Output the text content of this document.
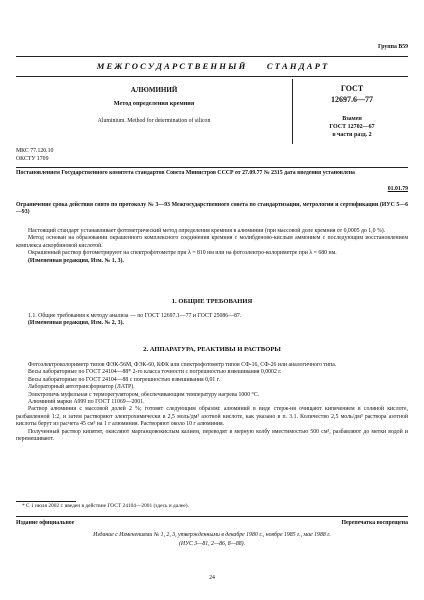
Группа B59
М Е Ж Г О С У Д А Р С Т В Е Н Н Ы Й          С Т А Н Д А Р Т
АЛЮМИНИЙ
Метод определения кремния
Aluminium. Method for determination of silicon
ГОСТ
12697.6—77
Взамен
ГОСТ 12702—67
в части разд. 2
МКС 77.120.10
ОКСТУ 1709
Постановлением Государственного комитета стандартов Совета Министров СССР от 27.09.77 № 2315 дата введения установлена
01.01.79
Ограничение срока действия снято по протоколу № 3—93 Межгосударственного совета по стандартизации, метрологии и сертификации (ИУС 5—6—93)

Настоящий стандарт устанавливает фотометрический метод определения кремния в алюминии (при массовой доле кремния от 0,0005 до 1,0 %).

Метод основан на образовании окрашенного комплексного соединения кремния с молибденово-кислым аммонием с последующим восстановлением комплекса аскорбиновой кислотой.

Окрашенный раствор фотометрируют на спектрофотометре при λ = 810 нм или на фотоэлектро-колориметре при λ = 680 нм.

(Измененная редакция, Изм. № 1, 3).

1. ОБЩИЕ ТРЕБОВАНИЯ

1.1. Общие требования к методу анализа — по ГОСТ 12697.1—77 и ГОСТ 25086—87.

(Измененная редакция, Изм. № 2, 3).

2. АППАРАТУРА, РЕАКТИВЫ И РАСТВОРЫ

Фотоэлектроколориметр типов ФЭК-56М, ФЭК-60, КФК или спектрофотометр типов СФ-16, СФ-26 или аналогичного типа.

Весы лабораторные по ГОСТ 24104—88* 2-го класса точности с погрешностью взвешивания 0,0002 г.

Весы лабораторные по ГОСТ 24104—88 с погрешностью взвешивания 0,01 г.

Лабораторный автотрансформатор (ЛАТР).

Электропечь муфельная с терморегулятором, обеспечивающим температуру нагрева 1000 °С.

Алюминий марки А999 по ГОСТ 11069—2001.

Раствор алюминия с массовой долей 2 %; готовят следующим образом: алюминий в виде стерж-ня очищают кипячением в соляной кислоте, разбавленной 1:2, и затем растворяют электрохимически в 2,5 моль/дм³ азотной кислоте, как указано в п. 3.1. Количество 2,5 моль/дм³ раствора азотной кислоты берут из расчета 45 см³ на 1 г алюминия. Растворяют около 10 г алюминия.

Полученный раствор кипятят, окисляют марганцовокислым калием, переводят в мерную колбу вместимостью 500 см³, разбавляют до метки водой и перемешивают.

* С 1 июля 2002 г. введен в действие ГОСТ 24104—2001 (здесь и далее).
Издание официальное	Перепечатка воспрещена
Издание с Изменениями № 1, 2, 3, утвержденными в декабре 1980 г., ноябре 1985 г., мае 1988 г.
(ИУС 3—81, 2—86, 8—88).
24
